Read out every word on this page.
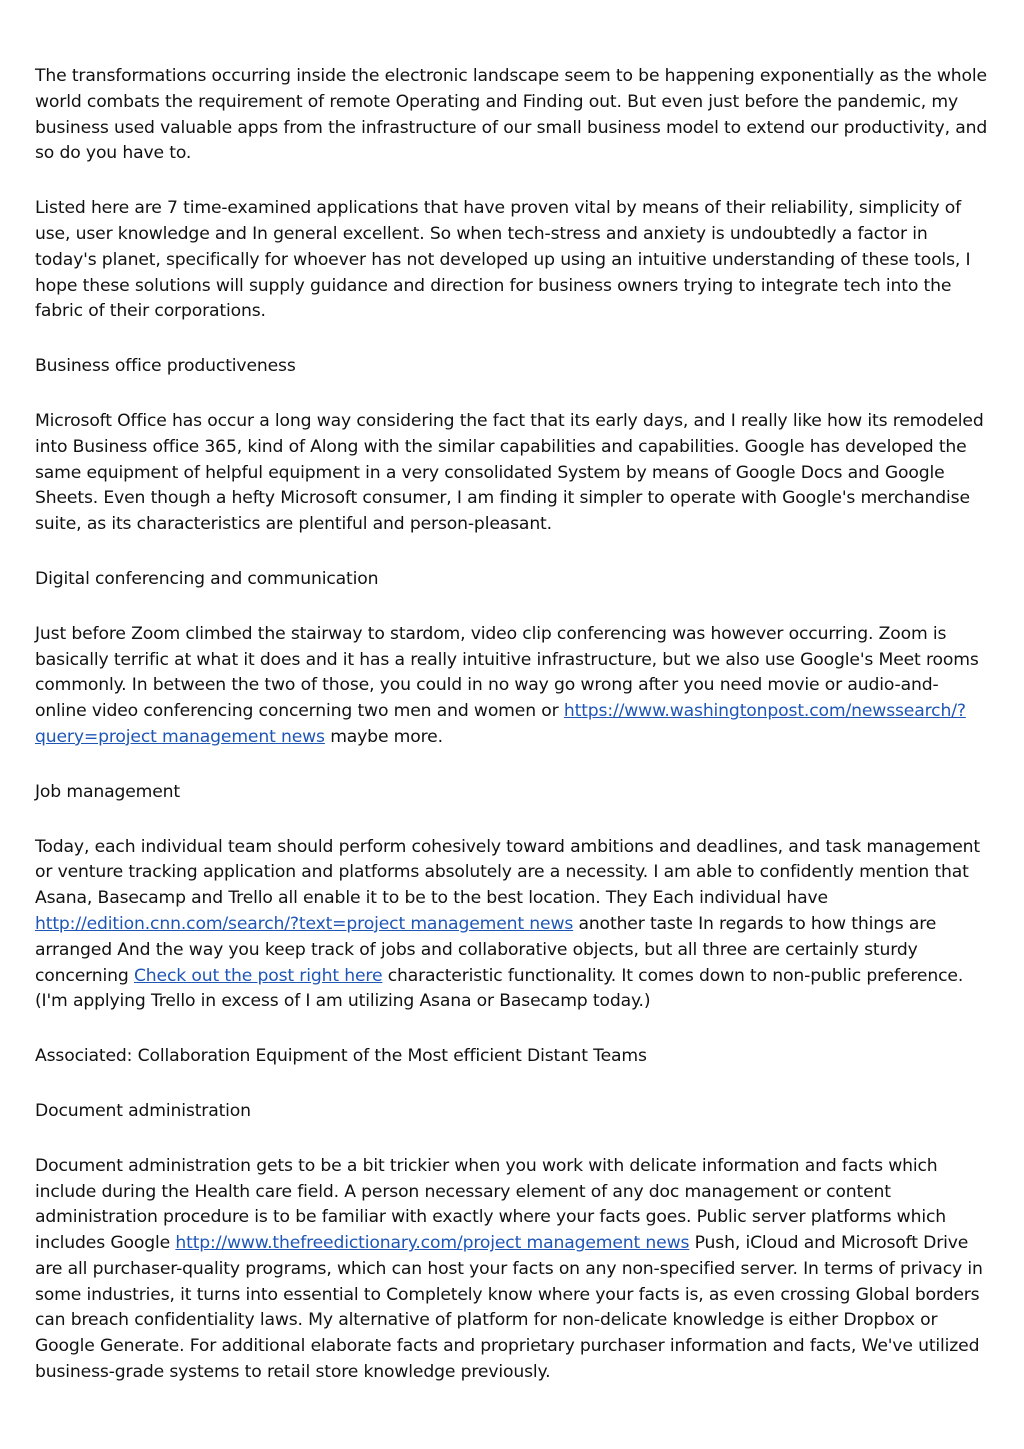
The transformations occurring inside the electronic landscape seem to be happening exponentially as the whole world combats the requirement of remote Operating and Finding out. But even just before the pandemic, my business used valuable apps from the infrastructure of our small business model to extend our productivity, and so do you have to.

Listed here are 7 time-examined applications that have proven vital by means of their reliability, simplicity of use, user knowledge and In general excellent. So when tech-stress and anxiety is undoubtedly a factor in today's planet, specifically for whoever has not developed up using an intuitive understanding of these tools, I hope these solutions will supply guidance and direction for business owners trying to integrate tech into the fabric of their corporations.

Business office productiveness

Microsoft Office has occur a long way considering the fact that its early days, and I really like how its remodeled into Business office 365, kind of Along with the similar capabilities and capabilities. Google has developed the same equipment of helpful equipment in a very consolidated System by means of Google Docs and Google Sheets. Even though a hefty Microsoft consumer, I am finding it simpler to operate with Google's merchandise suite, as its characteristics are plentiful and person-pleasant.

Digital conferencing and communication

Just before Zoom climbed the stairway to stardom, video clip conferencing was however occurring. Zoom is basically terrific at what it does and it has a really intuitive infrastructure, but we also use Google's Meet rooms commonly. In between the two of those, you could in no way go wrong after you need movie or audio-and-online video conferencing concerning two men and women or https://www.washingtonpost.com/newssearch/?query=project management news maybe more.

Job management

Today, each individual team should perform cohesively toward ambitions and deadlines, and task management or venture tracking application and platforms absolutely are a necessity. I am able to confidently mention that Asana, Basecamp and Trello all enable it to be to the best location. They Each individual have http://edition.cnn.com/search/?text=project management news another taste In regards to how things are arranged And the way you keep track of jobs and collaborative objects, but all three are certainly sturdy concerning Check out the post right here characteristic functionality. It comes down to non-public preference. (I'm applying Trello in excess of I am utilizing Asana or Basecamp today.)

Associated: Collaboration Equipment of the Most efficient Distant Teams

Document administration

Document administration gets to be a bit trickier when you work with delicate information and facts which include during the Health care field. A person necessary element of any doc management or content administration procedure is to be familiar with exactly where your facts goes. Public server platforms which includes Google http://www.thefreedictionary.com/project management news Push, iCloud and Microsoft Drive are all purchaser-quality programs, which can host your facts on any non-specified server. In terms of privacy in some industries, it turns into essential to Completely know where your facts is, as even crossing Global borders can breach confidentiality laws. My alternative of platform for non-delicate knowledge is either Dropbox or Google Generate. For additional elaborate facts and proprietary purchaser information and facts, We've utilized business-grade systems to retail store knowledge previously.
